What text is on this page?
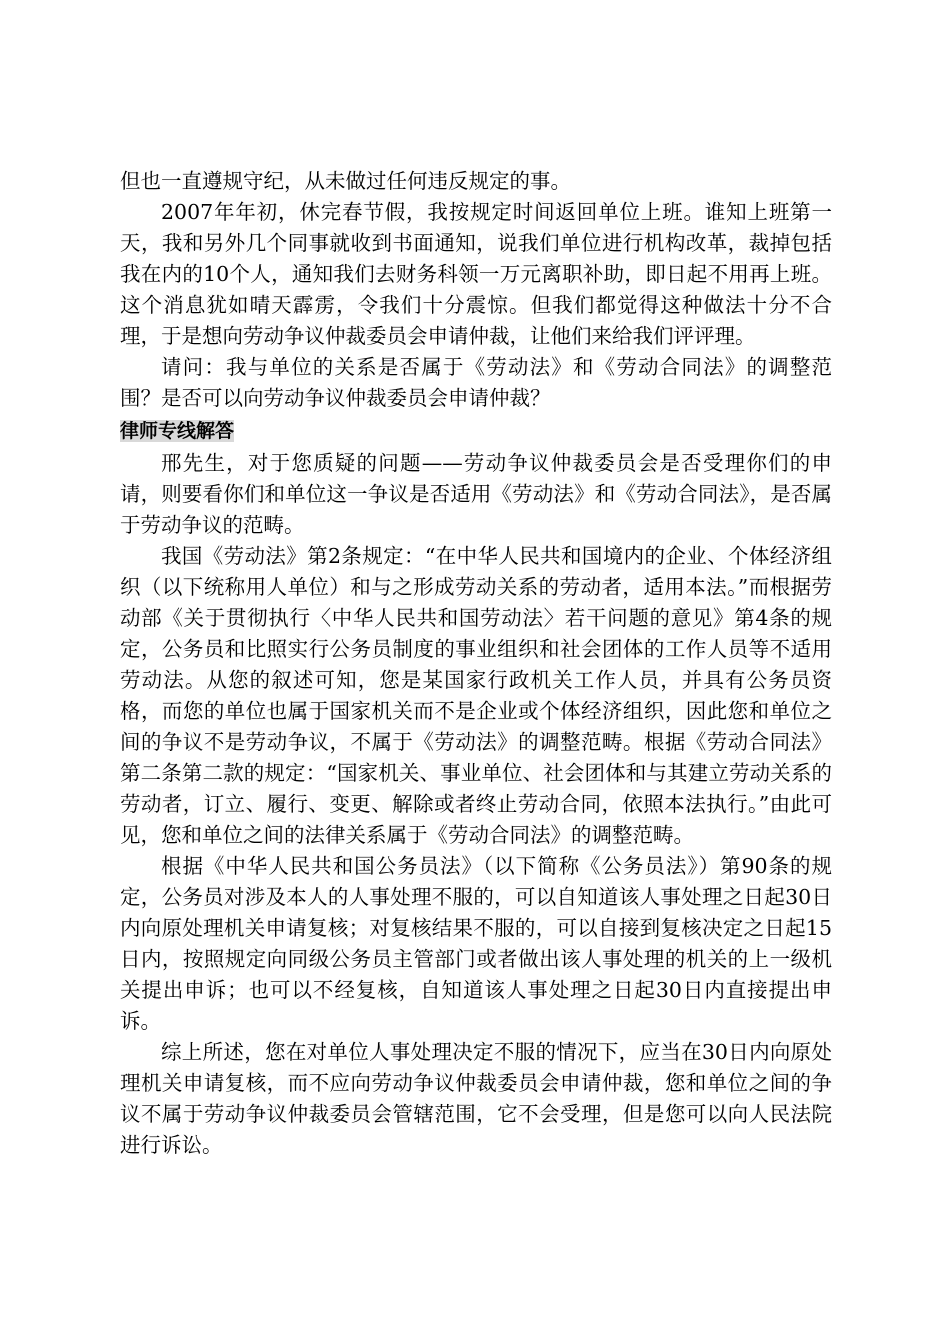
但也一直遵规守纪，从未做过任何违反规定的事。

2007年年初，休完春节假，我按规定时间返回单位上班。谁知上班第一天，我和另外几个同事就收到书面通知，说我们单位进行机构改革，裁掉包括我在内的10个人，通知我们去财务科领一万元离职补助，即日起不用再上班。这个消息犹如晴天霹雳，令我们十分震惊。但我们都觉得这种做法十分不合理，于是想向劳动争议仲裁委员会申请仲裁，让他们来给我们评评理。

请问：我与单位的关系是否属于《劳动法》和《劳动合同法》的调整范围？是否可以向劳动争议仲裁委员会申请仲裁？

律师专线解答

邢先生，对于您质疑的问题——劳动争议仲裁委员会是否受理你们的申请，则要看你们和单位这一争议是否适用《劳动法》和《劳动合同法》，是否属于劳动争议的范畴。

我国《劳动法》第2条规定：“在中华人民共和国境内的企业、个体经济组织（以下统称用人单位）和与之形成劳动关系的劳动者，适用本法。”而根据劳动部《关于贯彻执行〈中华人民共和国劳动法〉若干问题的意见》第4条的规定，公务员和比照实行公务员制度的事业组织和社会团体的工作人员等不适用劳动法。从您的叙述可知，您是某国家行政机关工作人员，并具有公务员资格，而您的单位也属于国家机关而不是企业或个体经济组织，因此您和单位之间的争议不是劳动争议，不属于《劳动法》的调整范畴。根据《劳动合同法》第二条第二款的规定：“国家机关、事业单位、社会团体和与其建立劳动关系的劳动者，订立、履行、变更、解除或者终止劳动合同，依照本法执行。”由此可见，您和单位之间的法律关系属于《劳动合同法》的调整范畴。

根据《中华人民共和国公务员法》（以下简称《公务员法》）第90条的规定，公务员对涉及本人的人事处理不服的，可以自知道该人事处理之日起30日内向原处理机关申请复核；对复核结果不服的，可以自接到复核决定之日起15日内，按照规定向同级公务员主管部门或者做出该人事处理的机关的上一级机关提出申诉；也可以不经复核，自知道该人事处理之日起30日内直接提出申诉。

综上所述，您在对单位人事处理决定不服的情况下，应当在30日内向原处理机关申请复核，而不应向劳动争议仲裁委员会申请仲裁，您和单位之间的争议不属于劳动争议仲裁委员会管辖范围，它不会受理，但是您可以向人民法院进行诉讼。
